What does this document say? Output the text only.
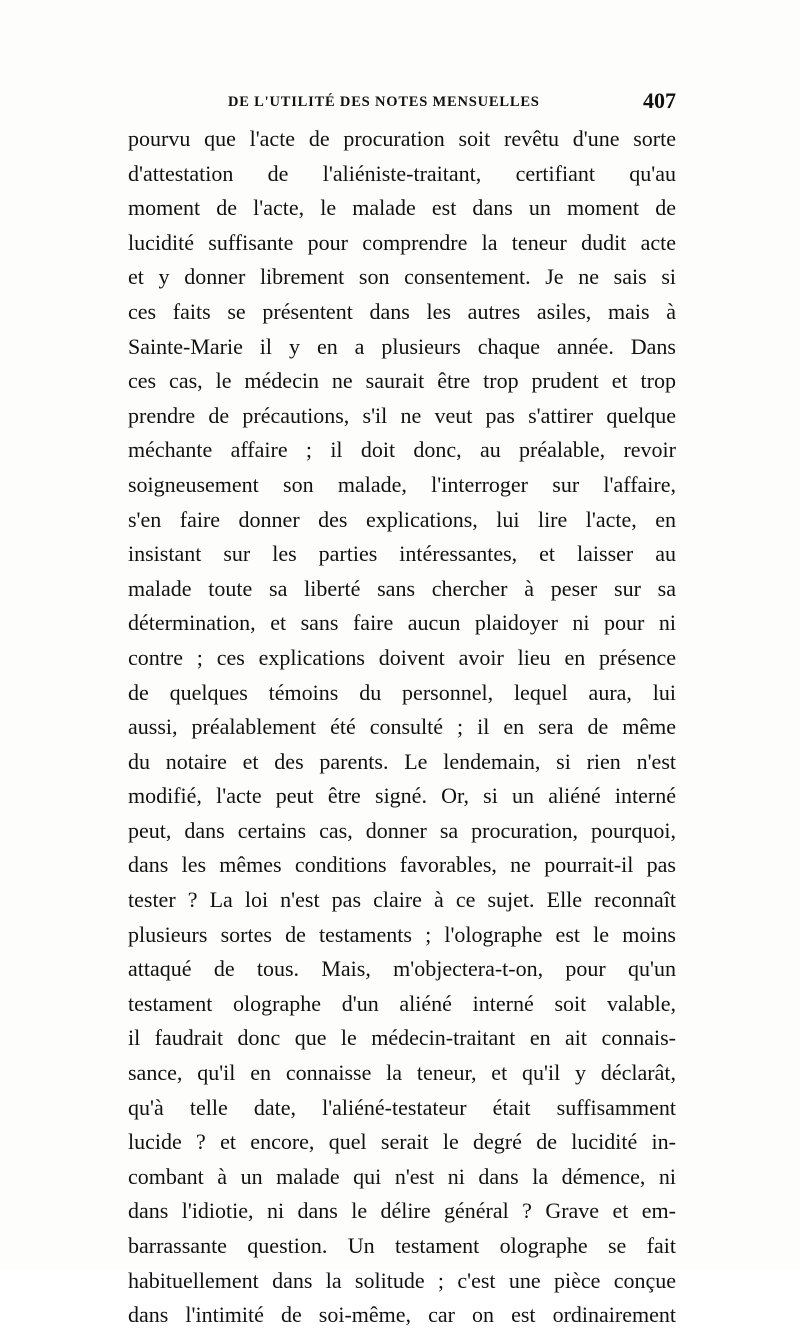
DE L'UTILITÉ DES NOTES MENSUELLES	407
pourvu que l'acte de procuration soit revêtu d'une sorte
d'attestation de l'aliéniste-traitant, certifiant qu'au
moment de l'acte, le malade est dans un moment de
lucidité suffisante pour comprendre la teneur dudit acte
et y donner librement son consentement. Je ne sais si
ces faits se présentent dans les autres asiles, mais à
Sainte-Marie il y en a plusieurs chaque année. Dans
ces cas, le médecin ne saurait être trop prudent et trop
prendre de précautions, s'il ne veut pas s'attirer quelque
méchante affaire ; il doit donc, au préalable, revoir
soigneusement son malade, l'interroger sur l'affaire,
s'en faire donner des explications, lui lire l'acte, en
insistant sur les parties intéressantes, et laisser au
malade toute sa liberté sans chercher à peser sur sa
détermination, et sans faire aucun plaidoyer ni pour ni
contre ; ces explications doivent avoir lieu en présence
de quelques témoins du personnel, lequel aura, lui
aussi, préalablement été consulté ; il en sera de même
du notaire et des parents. Le lendemain, si rien n'est
modifié, l'acte peut être signé. Or, si un aliéné interné
peut, dans certains cas, donner sa procuration, pourquoi,
dans les mêmes conditions favorables, ne pourrait-il pas
tester ? La loi n'est pas claire à ce sujet. Elle reconnaît
plusieurs sortes de testaments ; l'olographe est le moins
attaqué de tous. Mais, m'objectera-t-on, pour qu'un
testament olographe d'un aliéné interné soit valable,
il faudrait donc que le médecin-traitant en ait connais-
sance, qu'il en connaisse la teneur, et qu'il y déclarât,
qu'à telle date, l'aliéné-testateur était suffisamment
lucide ? et encore, quel serait le degré de lucidité in-
combant à un malade qui n'est ni dans la démence, ni
dans l'idiotie, ni dans le délire général ? Grave et em-
barrassante question. Un testament olographe se fait
habituellement dans la solitude ; c'est une pièce conçue
dans l'intimité de soi-même, car on est ordinairement
